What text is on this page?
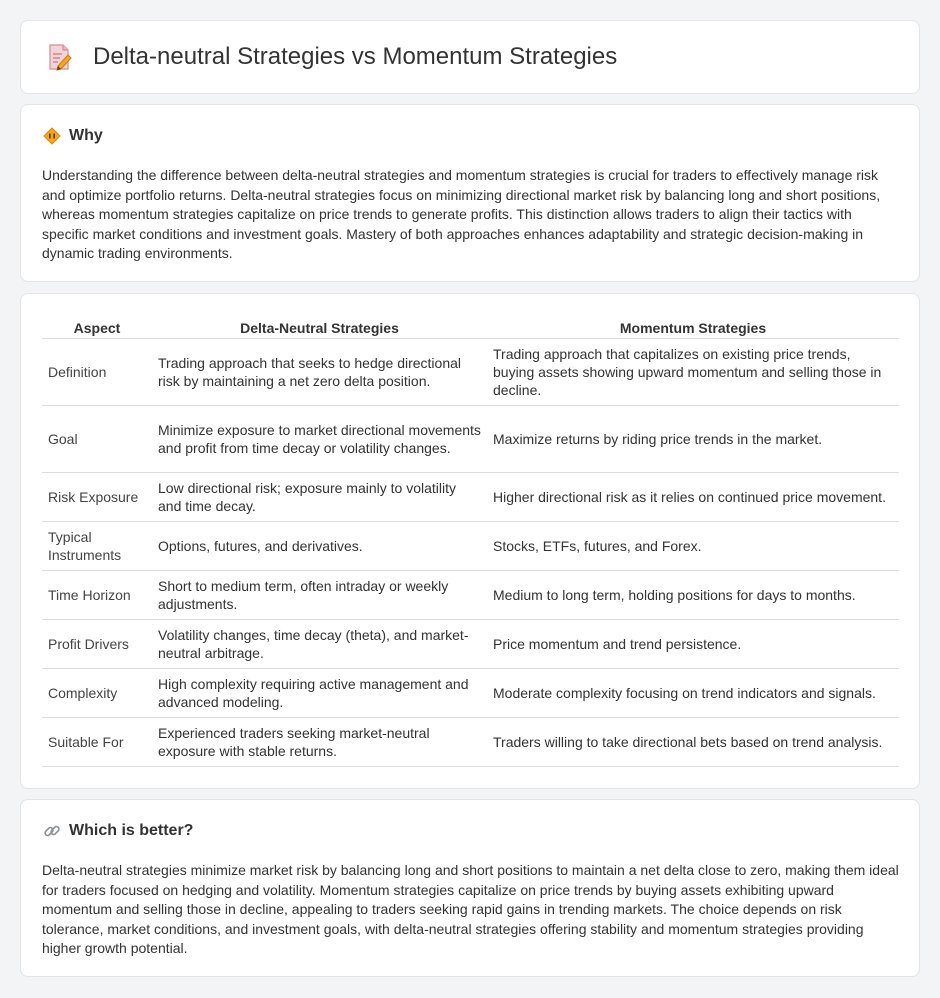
Delta-neutral Strategies vs Momentum Strategies
Why

Understanding the difference between delta-neutral strategies and momentum strategies is crucial for traders to effectively manage risk and optimize portfolio returns. Delta-neutral strategies focus on minimizing directional market risk by balancing long and short positions, whereas momentum strategies capitalize on price trends to generate profits. This distinction allows traders to align their tactics with specific market conditions and investment goals. Mastery of both approaches enhances adaptability and strategic decision-making in dynamic trading environments.

Aspect	Delta-Neutral Strategies	Momentum Strategies
Definition	Trading approach that seeks to hedge directional risk by maintaining a net zero delta position.	Trading approach that capitalizes on existing price trends, buying assets showing upward momentum and selling those in decline.
Goal	Minimize exposure to market directional movements and profit from time decay or volatility changes.	Maximize returns by riding price trends in the market.
Risk Exposure	Low directional risk; exposure mainly to volatility and time decay.	Higher directional risk as it relies on continued price movement.
Typical Instruments	Options, futures, and derivatives.	Stocks, ETFs, futures, and Forex.
Time Horizon	Short to medium term, often intraday or weekly adjustments.	Medium to long term, holding positions for days to months.
Profit Drivers	Volatility changes, time decay (theta), and market-neutral arbitrage.	Price momentum and trend persistence.
Complexity	High complexity requiring active management and advanced modeling.	Moderate complexity focusing on trend indicators and signals.
Suitable For	Experienced traders seeking market-neutral exposure with stable returns.	Traders willing to take directional bets based on trend analysis.
Which is better?

Delta-neutral strategies minimize market risk by balancing long and short positions to maintain a net delta close to zero, making them ideal for traders focused on hedging and volatility. Momentum strategies capitalize on price trends by buying assets exhibiting upward momentum and selling those in decline, appealing to traders seeking rapid gains in trending markets. The choice depends on risk tolerance, market conditions, and investment goals, with delta-neutral strategies offering stability and momentum strategies providing higher growth potential.
